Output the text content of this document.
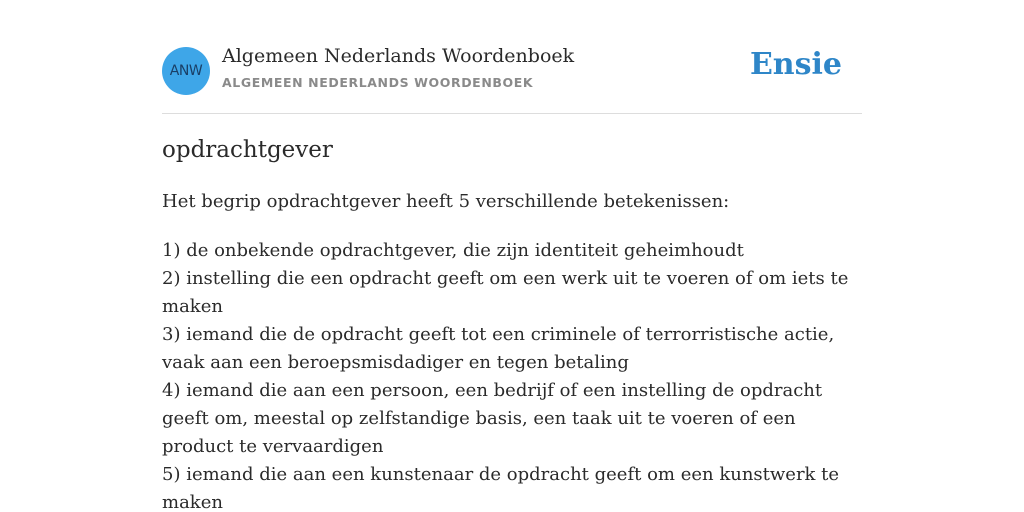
ANW
Algemeen Nederlands Woordenboek
ALGEMEEN NEDERLANDS WOORDENBOEK
Ensie
opdrachtgever

Het begrip opdrachtgever heeft 5 verschillende betekenissen:

1) de onbekende opdrachtgever, die zijn identiteit geheimhoudt
2) instelling die een opdracht geeft om een werk uit te voeren of om iets te maken
3) iemand die de opdracht geeft tot een criminele of terrorristische actie, vaak aan een beroepsmisdadiger en tegen betaling
4) iemand die aan een persoon, een bedrijf of een instelling de opdracht geeft om, meestal op zelfstandige basis, een taak uit te voeren of een product te vervaardigen
5) iemand die aan een kunstenaar de opdracht geeft om een kunstwerk te maken
